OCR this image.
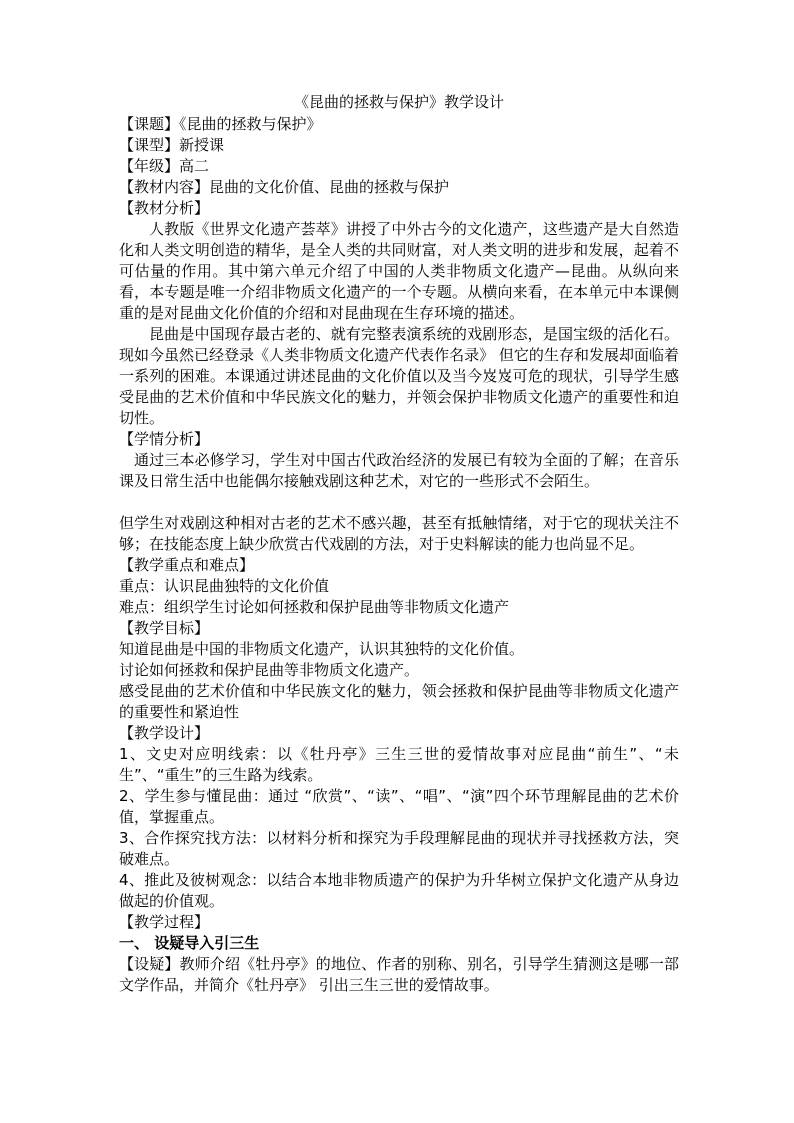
《昆曲的拯救与保护》教学设计
【课题】《昆曲的拯救与保护》
【课型】新授课
【年级】高二
【教材内容】昆曲的文化价值、昆曲的拯救与保护
【教材分析】
人教版《世界文化遗产荟萃》讲授了中外古今的文化遗产，这些遗产是大自然造化和人类文明创造的精华，是全人类的共同财富，对人类文明的进步和发展，起着不可估量的作用。其中第六单元介绍了中国的人类非物质文化遗产—昆曲。从纵向来看，本专题是唯一介绍非物质文化遗产的一个专题。从横向来看，在本单元中本课侧重的是对昆曲文化价值的介绍和对昆曲现在生存环境的描述。
昆曲是中国现存最古老的、就有完整表演系统的戏剧形态，是国宝级的活化石。现如今虽然已经登录《人类非物质文化遗产代表作名录》 但它的生存和发展却面临着一系列的困难。本课通过讲述昆曲的文化价值以及当今岌岌可危的现状，引导学生感受昆曲的艺术价值和中华民族文化的魅力，并领会保护非物质文化遗产的重要性和迫切性。
【学情分析】
通过三本必修学习，学生对中国古代政治经济的发展已有较为全面的了解；在音乐课及日常生活中也能偶尔接触戏剧这种艺术，对它的一些形式不会陌生。
但学生对戏剧这种相对古老的艺术不感兴趣，甚至有抵触情绪，对于它的现状关注不够；在技能态度上缺少欣赏古代戏剧的方法，对于史料解读的能力也尚显不足。
【教学重点和难点】
重点：认识昆曲独特的文化价值
难点：组织学生讨论如何拯救和保护昆曲等非物质文化遗产
【教学目标】
知道昆曲是中国的非物质文化遗产，认识其独特的文化价值。
讨论如何拯救和保护昆曲等非物质文化遗产。
感受昆曲的艺术价值和中华民族文化的魅力，领会拯救和保护昆曲等非物质文化遗产的重要性和紧迫性
【教学设计】
1、文史对应明线索：以《牡丹亭》三生三世的爱情故事对应昆曲“前生”、“未生”、“重生”的三生路为线索。
2、学生参与懂昆曲：通过 “欣赏”、“读”、“唱”、“演”四个环节理解昆曲的艺术价值，掌握重点。
3、合作探究找方法：以材料分析和探究为手段理解昆曲的现状并寻找拯救方法，突破难点。
4、推此及彼树观念：以结合本地非物质遗产的保护为升华树立保护文化遗产从身边做起的价值观。
【教学过程】
一、 设疑导入引三生
【设疑】教师介绍《牡丹亭》的地位、作者的别称、别名，引导学生猜测这是哪一部文学作品，并简介《牡丹亭》 引出三生三世的爱情故事。
